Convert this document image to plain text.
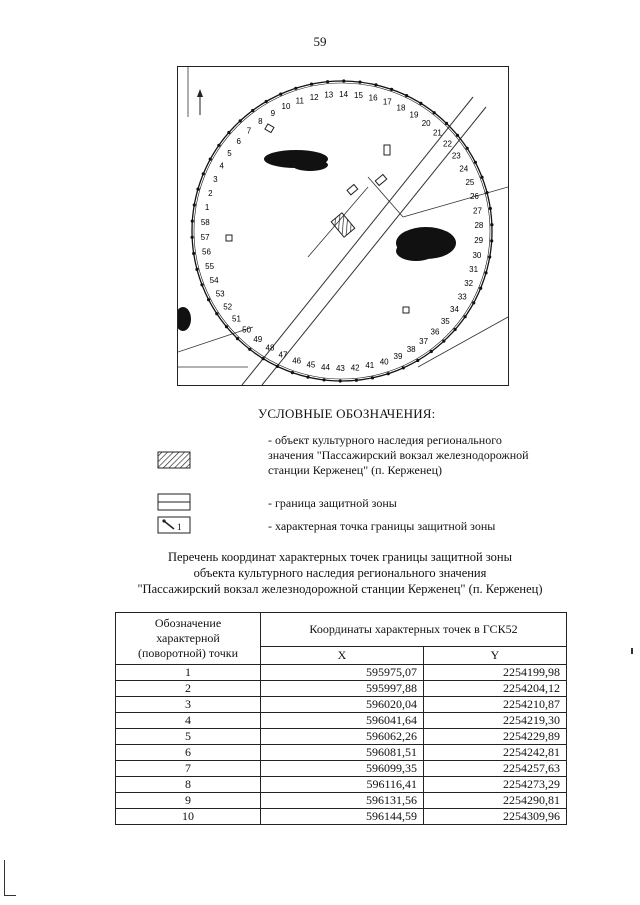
59
1
2
3
4
5
6
7
8
9
10
11 12 13 14 15 16 17
18
19
20
21
22
23
24
25
26
27
28
29
30
31
32
33
34
35
36
37
38
39
40
41
42
43
44
45
46
47
48
49
50
51
52
53
54
55
56
57
58
УСЛОВНЫЕ ОБОЗНАЧЕНИЯ:
- объект культурного наследия регионального
значения "Пассажирский вокзал железнодорожной
станции Керженец" (п. Керженец)
- граница защитной зоны
1	- характерная точка границы защитной зоны
Перечень координат характерных точек границы защитной зоны
объекта культурного наследия регионального значения
"Пассажирский вокзал железнодорожной станции Керженец" (п. Керженец)
Обозначение
характерной
(поворотной) точки	Координаты характерных точек в ГСК52	
	X	Y
1	595975,07	2254199,98
2	595997,88	2254204,12
3	596020,04	2254210,87
4	596041,64	2254219,30
5	596062,26	2254229,89
6	596081,51	2254242,81
7	596099,35	2254257,63
8	596116,41	2254273,29
9	596131,56	2254290,81
10	596144,59	2254309,96
